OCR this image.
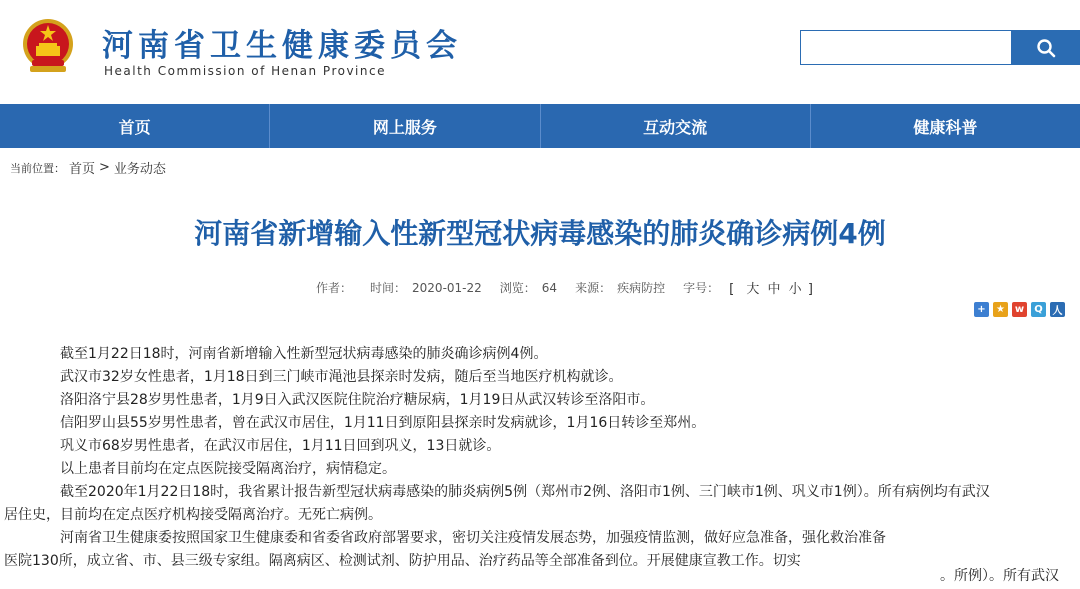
河南省卫生健康委员会
Health Commission of Henan Province
首页	网上服务	互动交流	健康科普
当前位置： 首页 > 业务动态
河南省新增输入性新型冠状病毒感染的肺炎确诊病例4例
作者： 时间： 2020-01-22 浏览： 64 来源： 疾病防控 字号： [ 大 中 小 ]
+	★ w	Q 人

截至1月22日18时，河南省新增输入性新型冠状病毒感染的肺炎确诊病例4例。

武汉市32岁女性患者，1月18日到三门峡市渑池县探亲时发病，随后至当地医疗机构就诊。

洛阳洛宁县28岁男性患者，1月9日入武汉医院住院治疗糖尿病，1月19日从武汉转诊至洛阳市。

信阳罗山县55岁男性患者，曾在武汉市居住，1月11日到原阳县探亲时发病就诊，1月16日转诊至郑州。

巩义市68岁男性患者，在武汉市居住，1月11日回到巩义，13日就诊。

以上患者目前均在定点医院接受隔离治疗，病情稳定。

截至2020年1月22日18时，我省累计报告新型冠状病毒感染的肺炎病例5例（郑州市2例、洛阳市1例、三门峡市1例、巩义市1例）。所有病例均有武汉

居住史，目前均在定点医疗机构接受隔离治疗。无死亡病例。

河南省卫生健康委按照国家卫生健康委和省委省政府部署要求，密切关注疫情发展态势，加强疫情监测，做好应急准备，强化救治准备

医院130所，成立省、市、县三级专家组。隔离病区、检测试剂、防护用品、治疗药品等全部准备到位。开展健康宣教工作。切实

。所例）。所有武汉
